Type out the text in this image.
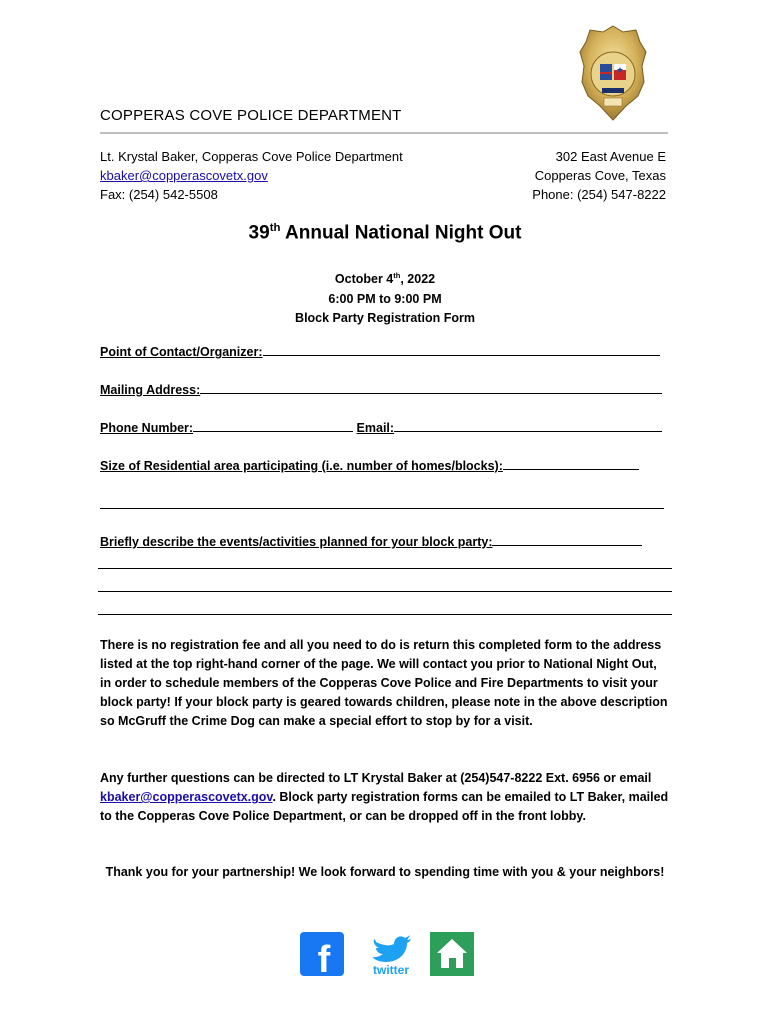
COPPERAS COVE POLICE DEPARTMENT
Lt. Krystal Baker, Copperas Cove Police Department
kbaker@copperascovetx.gov
Fax: (254) 542-5508
302 East Avenue E
Copperas Cove, Texas
Phone: (254) 547-8222
39th Annual National Night Out
October 4th, 2022
6:00 PM to 9:00 PM
Block Party Registration Form
Point of Contact/Organizer:
Mailing Address:
Phone Number:	Email:
Size of Residential area participating (i.e. number of homes/blocks):
Briefly describe the events/activities planned for your block party:
There is no registration fee and all you need to do is return this completed form to the address listed at the top right-hand corner of the page. We will contact you prior to National Night Out, in order to schedule members of the Copperas Cove Police and Fire Departments to visit your block party! If your block party is geared towards children, please note in the above description so McGruff the Crime Dog can make a special effort to stop by for a visit.
Any further questions can be directed to LT Krystal Baker at (254)547-8222 Ext. 6956 or email kbaker@copperascovetx.gov. Block party registration forms can be emailed to LT Baker, mailed to the Copperas Cove Police Department, or can be dropped off in the front lobby.
Thank you for your partnership! We look forward to spending time with you & your neighbors!
f	twitter
